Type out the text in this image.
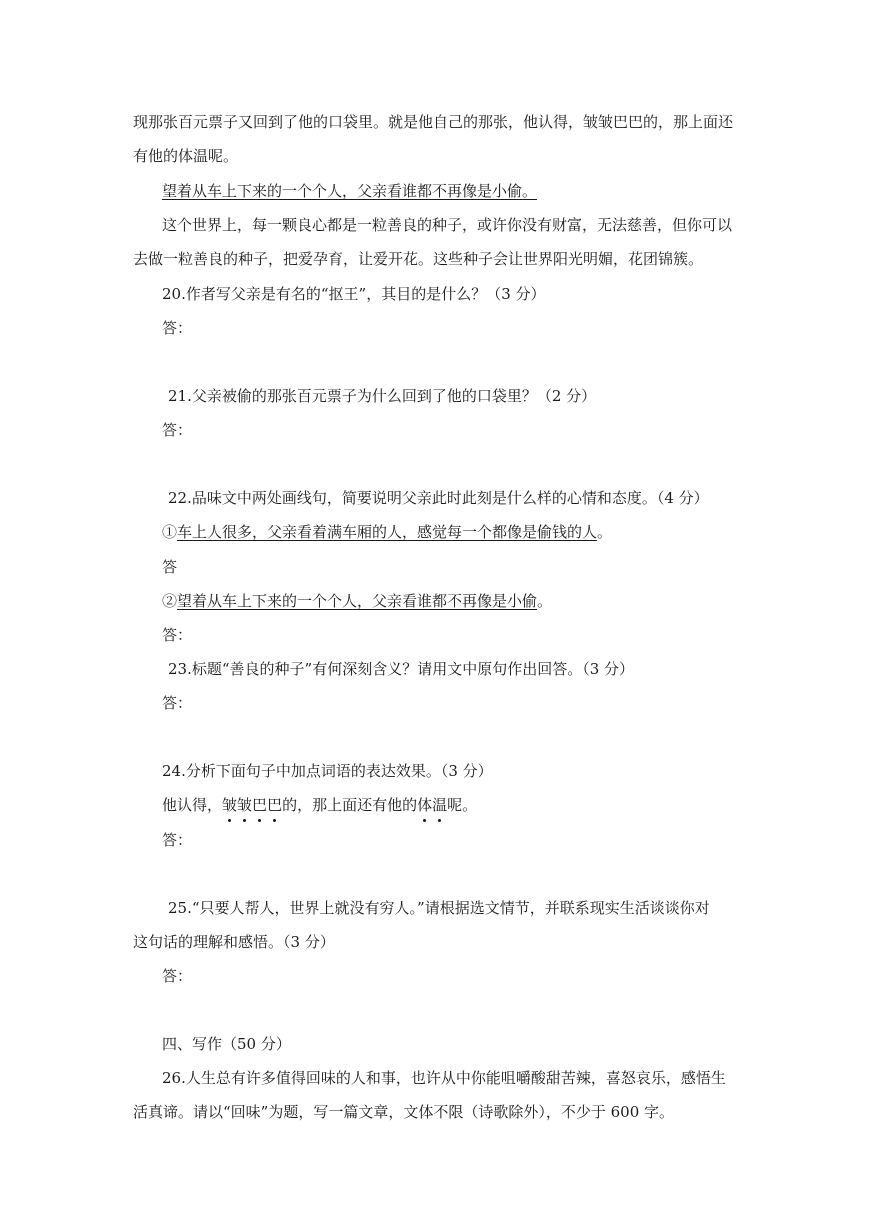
现那张百元票子又回到了他的口袋里。就是他自己的那张，他认得，皱皱巴巴的，那上面还
有他的体温呢。
望着从车上下来的一个个人，父亲看谁都不再像是小偷。
这个世界上，每一颗良心都是一粒善良的种子，或许你没有财富，无法慈善，但你可以
去做一粒善良的种子，把爱孕育，让爱开花。这些种子会让世界阳光明媚，花团锦簇。
20.作者写父亲是有名的“抠王”，其目的是什么？（3 分）
答：
21.父亲被偷的那张百元票子为什么回到了他的口袋里？（2 分）
答：
22.品味文中两处画线句，简要说明父亲此时此刻是什么样的心情和态度。（4 分）
①车上人很多，父亲看着满车厢的人，感觉每一个都像是偷钱的人。
答
②望着从车上下来的一个个人，父亲看谁都不再像是小偷。
答：
23.标题“善良的种子”有何深刻含义？请用文中原句作出回答。（3 分）
答：
24.分析下面句子中加点词语的表达效果。（3 分）
他认得，皱皱巴巴的，那上面还有他的体温呢。
答：
25.“只要人帮人，世界上就没有穷人。”请根据选文情节，并联系现实生活谈谈你对
这句话的理解和感悟。（3 分）
答：
四、写作（50 分）
26.人生总有许多值得回味的人和事，也许从中你能咀嚼酸甜苦辣，喜怒哀乐，感悟生
活真谛。请以“回味”为题，写一篇文章，文体不限（诗歌除外），不少于 600 字。
